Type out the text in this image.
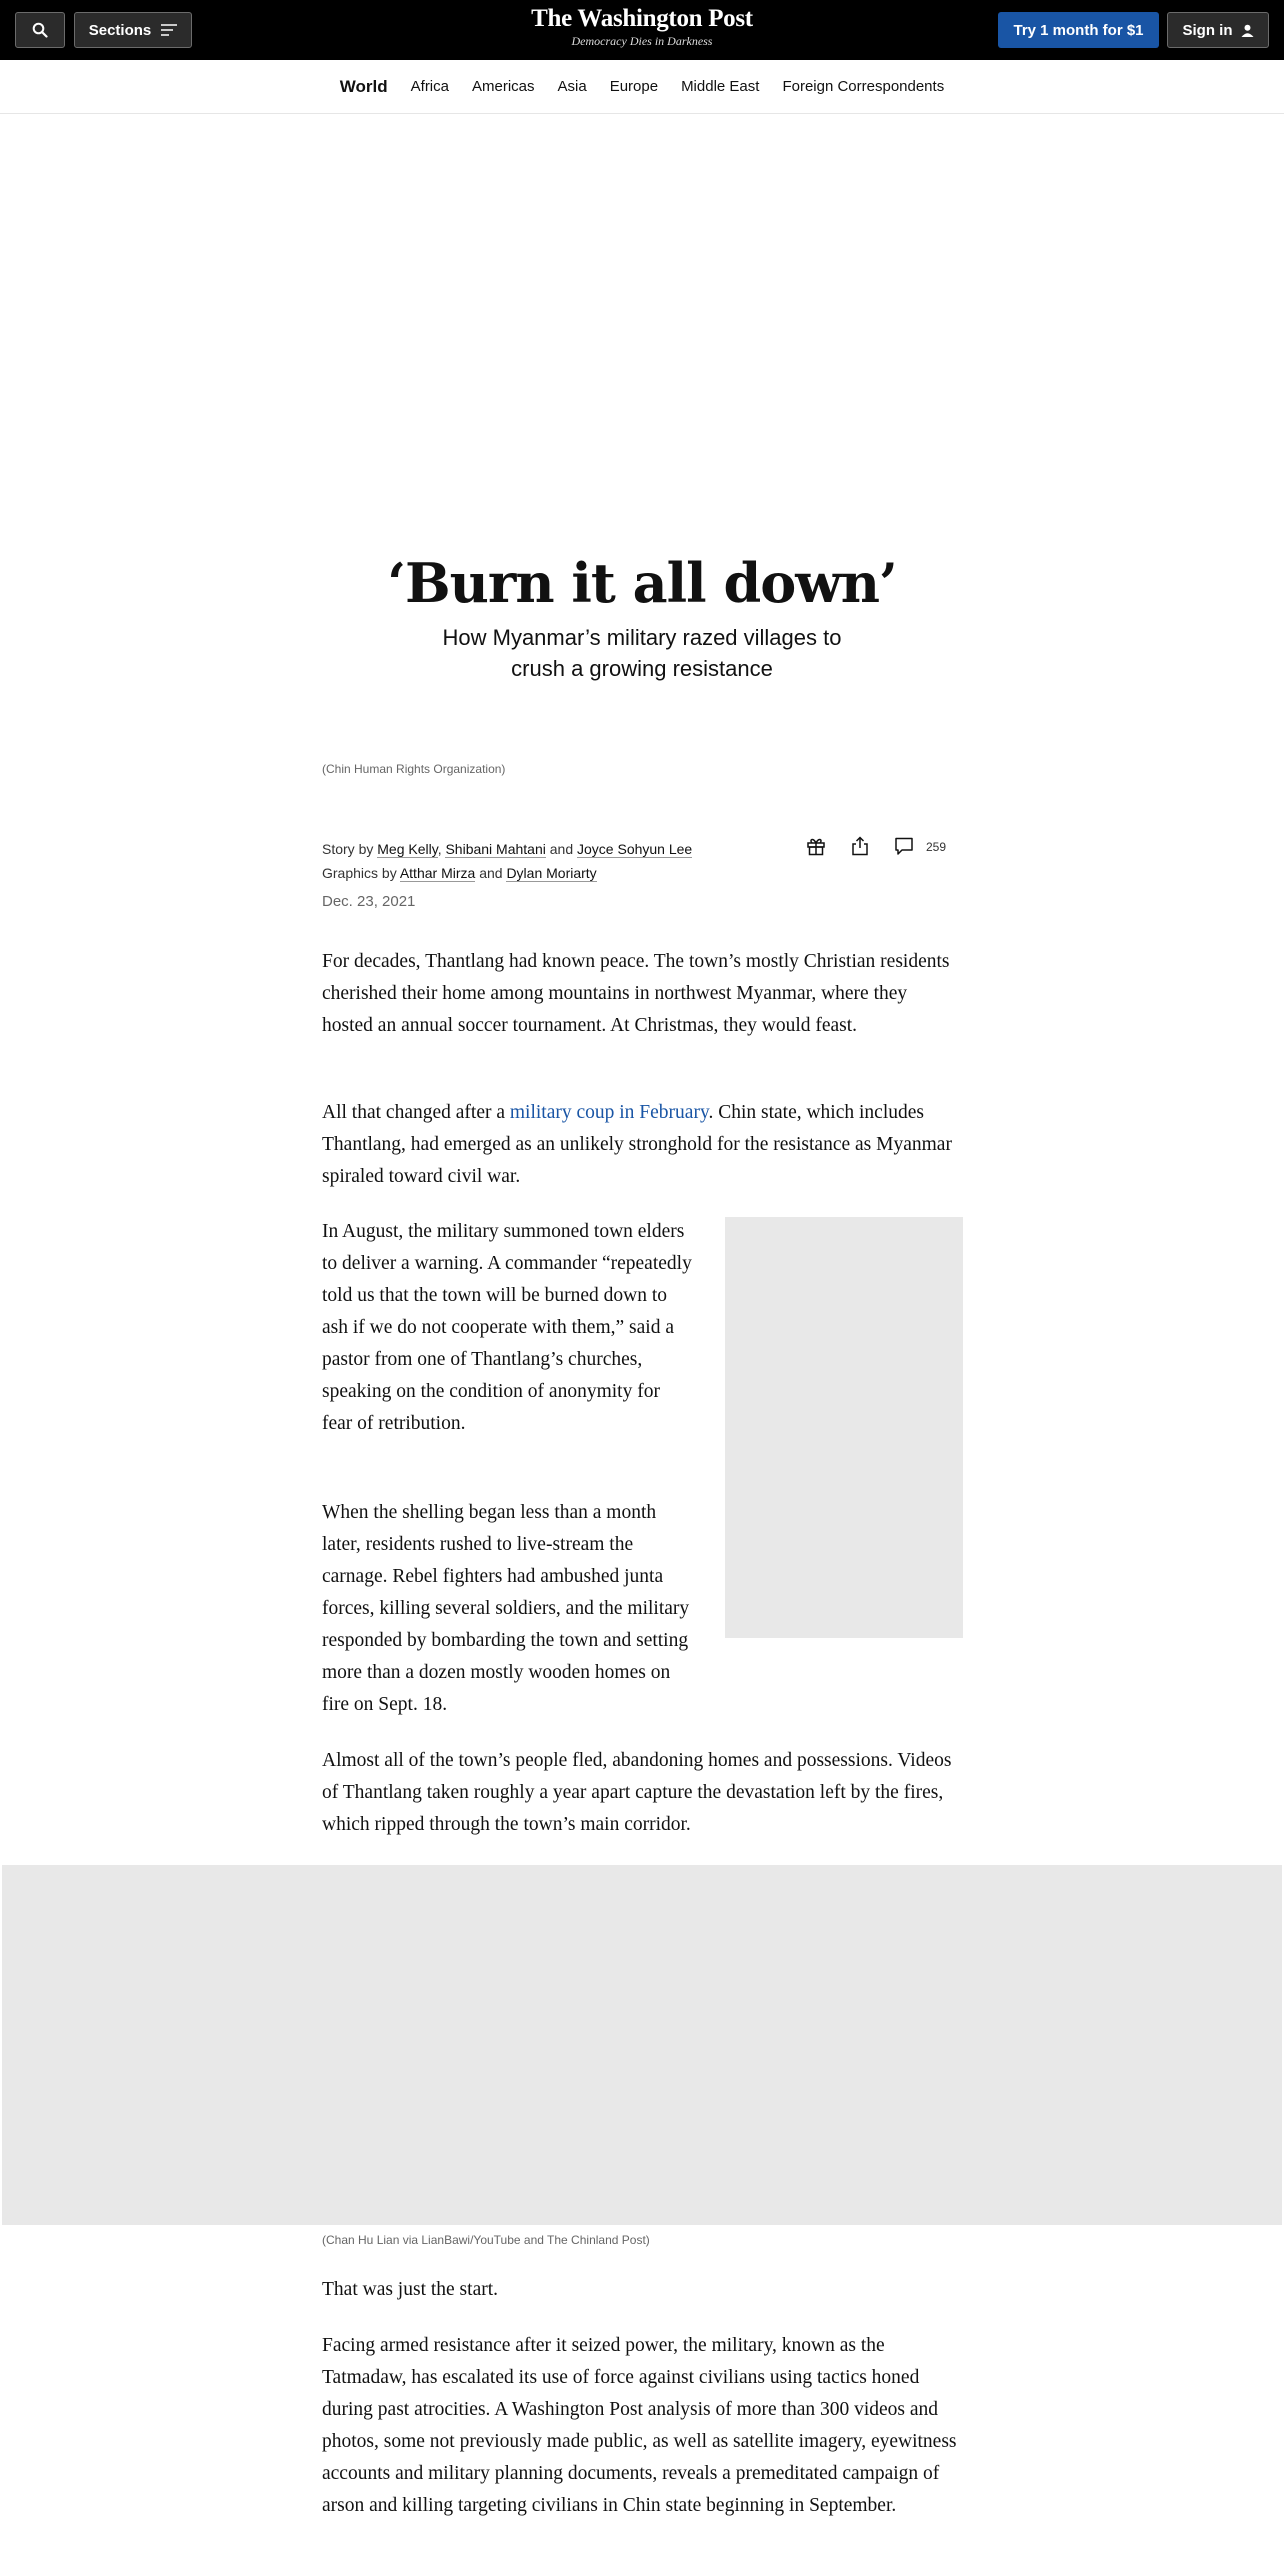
Sections	The Washington Post
Democracy Dies in Darkness
Try 1 month for $1	Sign in
World Africa Americas Asia Europe Middle East Foreign Correspondents
‘Burn it all down’
How Myanmar’s military razed villages to crush a growing resistance
(Chin Human Rights Organization)
Story by Meg Kelly, Shibani Mahtani and Joyce Sohyun Lee
Graphics by Atthar Mirza and Dylan Moriarty
Dec. 23, 2021
259

For decades, Thantlang had known peace. The town’s mostly Christian residents cherished their home among mountains in northwest Myanmar, where they hosted an annual soccer tournament. At Christmas, they would feast.

All that changed after a military coup in February. Chin state, which includes Thantlang, had emerged as an unlikely stronghold for the resistance as Myanmar spiraled toward civil war.

In August, the military summoned town elders to deliver a warning. A commander “repeatedly told us that the town will be burned down to ash if we do not cooperate with them,” said a pastor from one of Thantlang’s churches, speaking on the condition of anonymity for fear of retribution.

When the shelling began less than a month later, residents rushed to live-stream the carnage. Rebel fighters had ambushed junta forces, killing several soldiers, and the military responded by bombarding the town and setting more than a dozen mostly wooden homes on fire on Sept. 18.

Almost all of the town’s people fled, abandoning homes and possessions. Videos of Thantlang taken roughly a year apart capture the devastation left by the fires, which ripped through the town’s main corridor.

(Chan Hu Lian via LianBawi/YouTube and The Chinland Post)

That was just the start.

Facing armed resistance after it seized power, the military, known as the Tatmadaw, has escalated its use of force against civilians using tactics honed during past atrocities. A Washington Post analysis of more than 300 videos and photos, some not previously made public, as well as satellite imagery, eyewitness accounts and military planning documents, reveals a premeditated campaign of arson and killing targeting civilians in Chin state beginning in September.
